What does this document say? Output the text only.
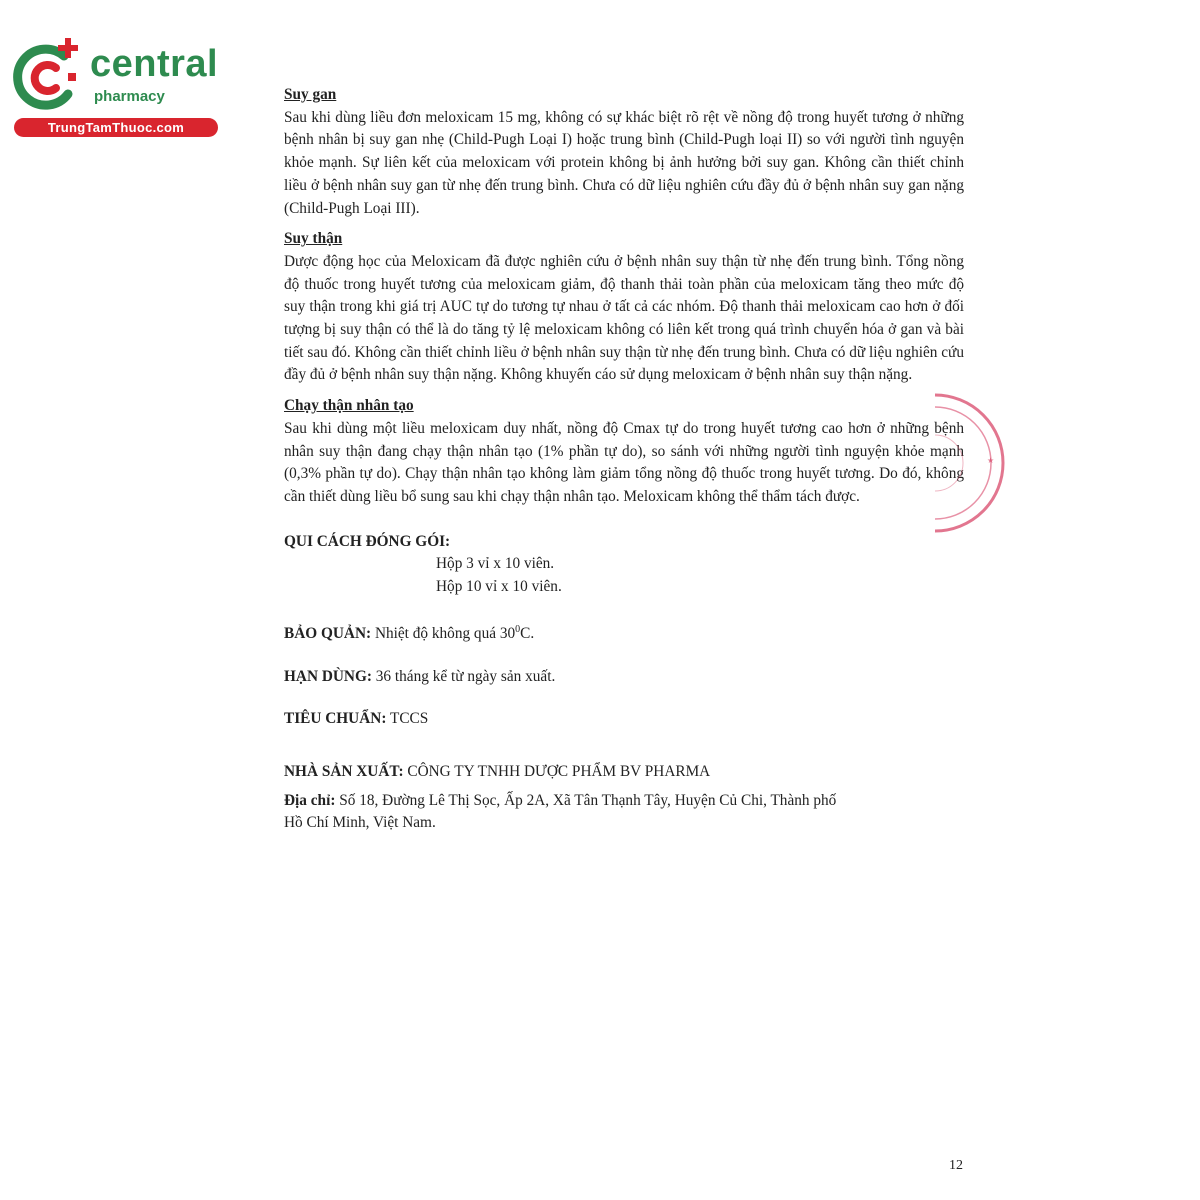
central
pharmacy
TrungTamThuoc.com
Suy gan

Sau khi dùng liều đơn meloxicam 15 mg, không có sự khác biệt rõ rệt về nồng độ trong huyết tương ở những bệnh nhân bị suy gan nhẹ (Child-Pugh Loại I) hoặc trung bình (Child-Pugh loại II) so với người tình nguyện khỏe mạnh. Sự liên kết của meloxicam với protein không bị ảnh hưởng bởi suy gan. Không cần thiết chỉnh liều ở bệnh nhân suy gan từ nhẹ đến trung bình. Chưa có dữ liệu nghiên cứu đầy đủ ở bệnh nhân suy gan nặng (Child-Pugh Loại III).

Suy thận

Dược động học của Meloxicam đã được nghiên cứu ở bệnh nhân suy thận từ nhẹ đến trung bình. Tổng nồng độ thuốc trong huyết tương của meloxicam giảm, độ thanh thải toàn phần của meloxicam tăng theo mức độ suy thận trong khi giá trị AUC tự do tương tự nhau ở tất cả các nhóm. Độ thanh thải meloxicam cao hơn ở đối tượng bị suy thận có thể là do tăng tỷ lệ meloxicam không có liên kết trong quá trình chuyển hóa ở gan và bài tiết sau đó. Không cần thiết chỉnh liều ở bệnh nhân suy thận từ nhẹ đến trung bình. Chưa có dữ liệu nghiên cứu đầy đủ ở bệnh nhân suy thận nặng. Không khuyến cáo sử dụng meloxicam ở bệnh nhân suy thận nặng.

Chạy thận nhân tạo

Sau khi dùng một liều meloxicam duy nhất, nồng độ Cmax tự do trong huyết tương cao hơn ở những bệnh nhân suy thận đang chạy thận nhân tạo (1% phần tự do), so sánh với những người tình nguyện khỏe mạnh (0,3% phần tự do). Chạy thận nhân tạo không làm giảm tổng nồng độ thuốc trong huyết tương. Do đó, không cần thiết dùng liều bổ sung sau khi chạy thận nhân tạo. Meloxicam không thể thẩm tách được.

QUI CÁCH ĐÓNG GÓI:
Hộp 3 vỉ x 10 viên.
Hộp 10 vỉ x 10 viên.
BẢO QUẢN: Nhiệt độ không quá $30^0C$.
HẠN DÙNG: 36 tháng kể từ ngày sản xuất.
TIÊU CHUẨN: TCCS
NHÀ SẢN XUẤT: CÔNG TY TNHH DƯỢC PHẨM BV PHARMA
Địa chỉ: Số 18, Đường Lê Thị Sọc, Ấp 2A, Xã Tân Thạnh Tây, Huyện Củ Chi, Thành phố
Hồ Chí Minh, Việt Nam.
★
12
